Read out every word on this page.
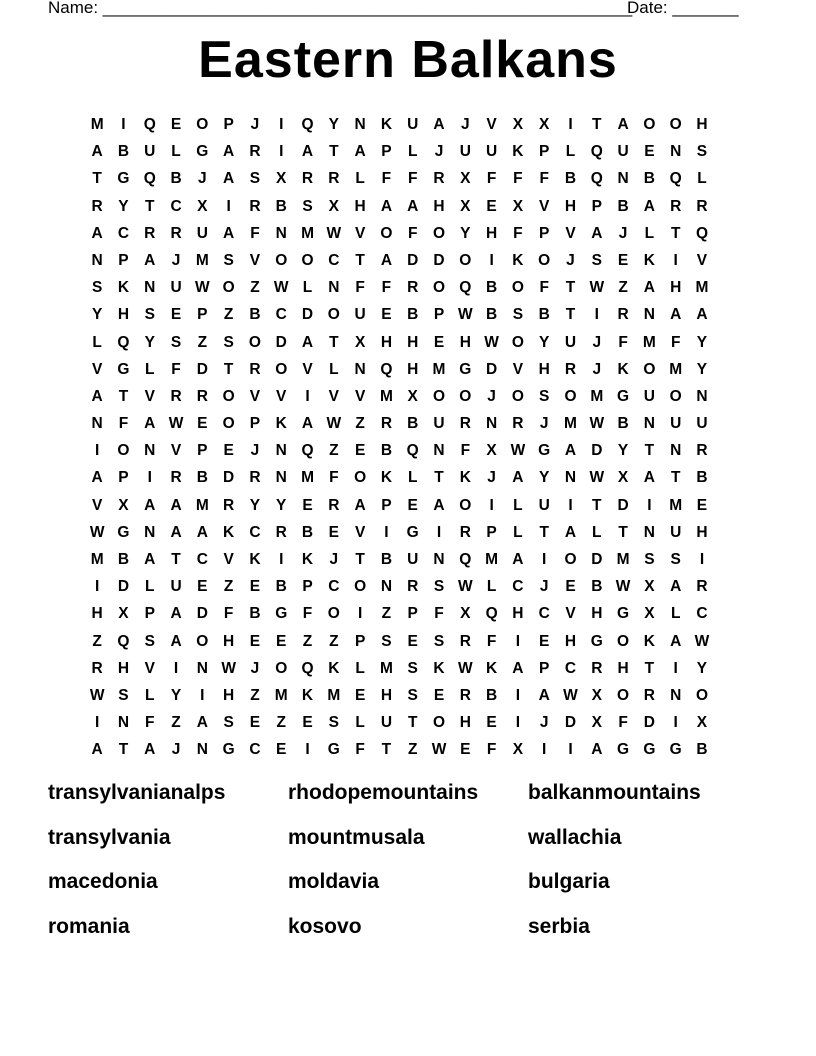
Name: ________________________________________________________
Date: _______
Eastern Balkans
M	I	Q E O P	J	I	Q Y	N K U A	J	V	X	X	I	T	A O O H
A B U	L	G A R	I	A	T	A	P	L	J	U U K	P	L	Q U	E	N	S
T	G Q B	J	A	S	X	R R	L	F	F	R	X	F	F	F	B Q N B Q	L
R	Y	T	C	X	I	R B	S	X	H A A H	X	E	X	V	H	P	B A R R
A C R R U A	F	N M W V O	F	O Y	H	F	P	V	A	J	L	T	Q
N	P	A	J	M S	V O O C	T	A D D O	I	K O	J	S	E	K	I	V
S	K N U W O	Z W L	N	F	F	R O Q B O	F	T W Z	A H M
Y	H	S	E	P	Z	B C D O U	E	B	P W B	S	B	T	I	R N A A
L	Q Y	S	Z	S O D A	T	X	H H	E	H W O Y	U	J	F M F	Y
V G	L	F	D	T	R O V	L	N Q H M G D	V	H R	J	K O M Y
A	T	V	R R O V	V	I	V	V M X O O	J	O S O M G U O N
N	F	A W E O P	K A W Z	R B U R N R	J	M W B N U U
I	O N	V	P	E	J	N Q	Z	E	B Q N	F	X W G A D	Y	T	N R
A	P	I	R B D R N M F	O K	L	T	K	J	A	Y	N W X	A	T	B
V	X	A A M R	Y	Y	E	R A	P	E	A O	I	L	U	I	T	D	I	M E
W G N A A K C R B	E	V	I	G	I	R	P	L	T	A	L	T	N U H
M B A	T	C	V	K	I	K	J	T	B U N Q M A	I	O D M S	S	I
I	D	L	U	E	Z	E	B	P	C O N R	S W L	C	J	E	B W X	A R
H	X	P	A D	F	B G	F	O	I	Z	P	F	X Q H C	V	H G X	L	C
Z	Q S	A O H	E	E	Z	Z	P	S	E	S	R	F	I	E	H G O K A W
R H	V	I	N W J	O Q K	L M S	K W K A	P	C R H	T	I	Y
W S	L	Y	I	H	Z M K M E	H	S	E	R B	I	A W X O R N O
I	N	F	Z	A	S	E	Z	E	S	L	U	T	O H	E	I	J	D	X	F	D	I	X
A	T	A	J	N G C	E	I	G	F	T	Z W E	F	X	I	I	A G G G B
transylvanianalps	rhodopemountains	balkanmountains
transylvania	mountmusala	wallachia
macedonia	moldavia	bulgaria
romania	kosovo	serbia
